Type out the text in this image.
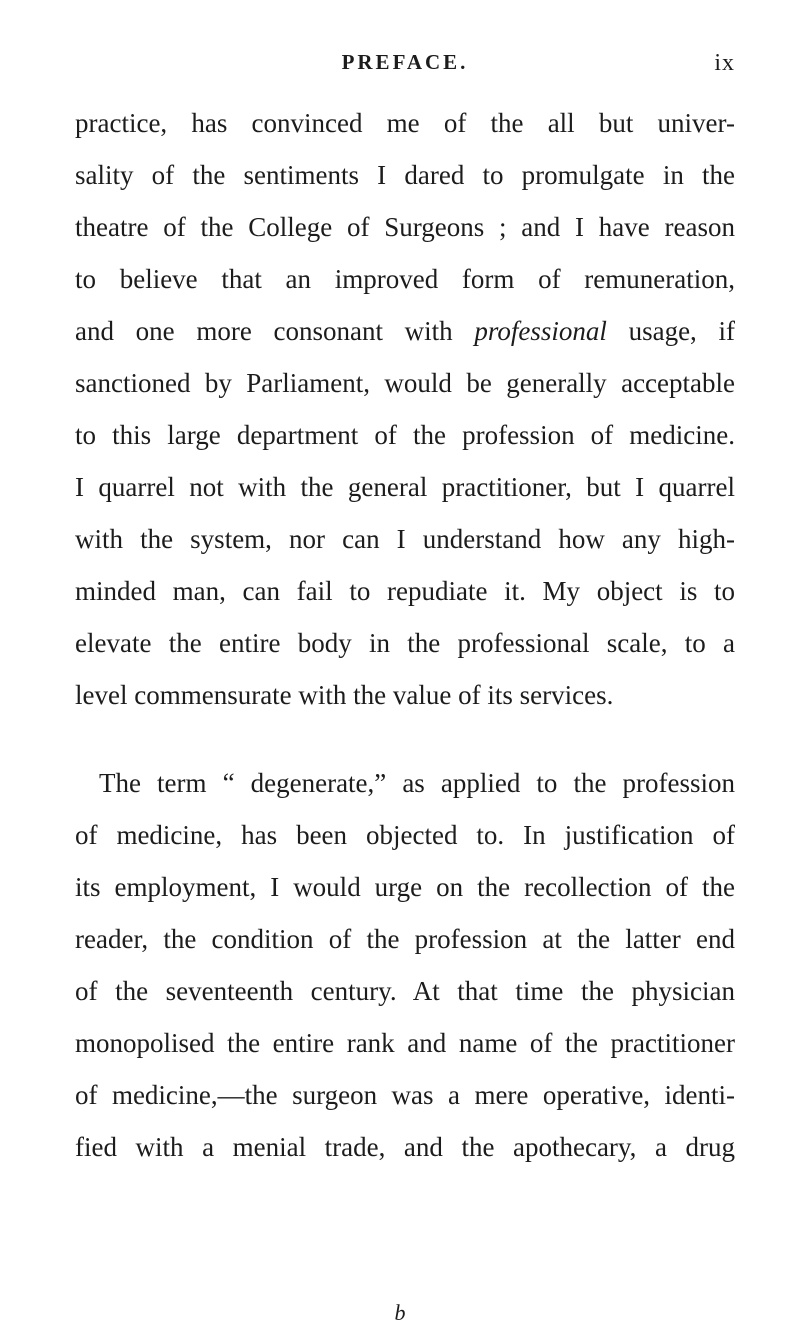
PREFACE.	ix
practice, has convinced me of the all but univer-
sality of the sentiments I dared to promulgate in the
theatre of the College of Surgeons ; and I have reason
to believe that an improved form of remuneration,
and one more consonant with professional usage, if
sanctioned by Parliament, would be generally acceptable
to this large department of the profession of medicine.
I quarrel not with the general practitioner, but I quarrel
with the system, nor can I understand how any high-
minded man, can fail to repudiate it. My object is to
elevate the entire body in the professional scale, to a
level commensurate with the value of its services.
The term “ degenerate,” as applied to the profession
of medicine, has been objected to. In justification of
its employment, I would urge on the recollection of the
reader, the condition of the profession at the latter end
of the seventeenth century. At that time the physician
monopolised the entire rank and name of the practitioner
of medicine,—the surgeon was a mere operative, identi-
fied with a menial trade, and the apothecary, a drug
b
